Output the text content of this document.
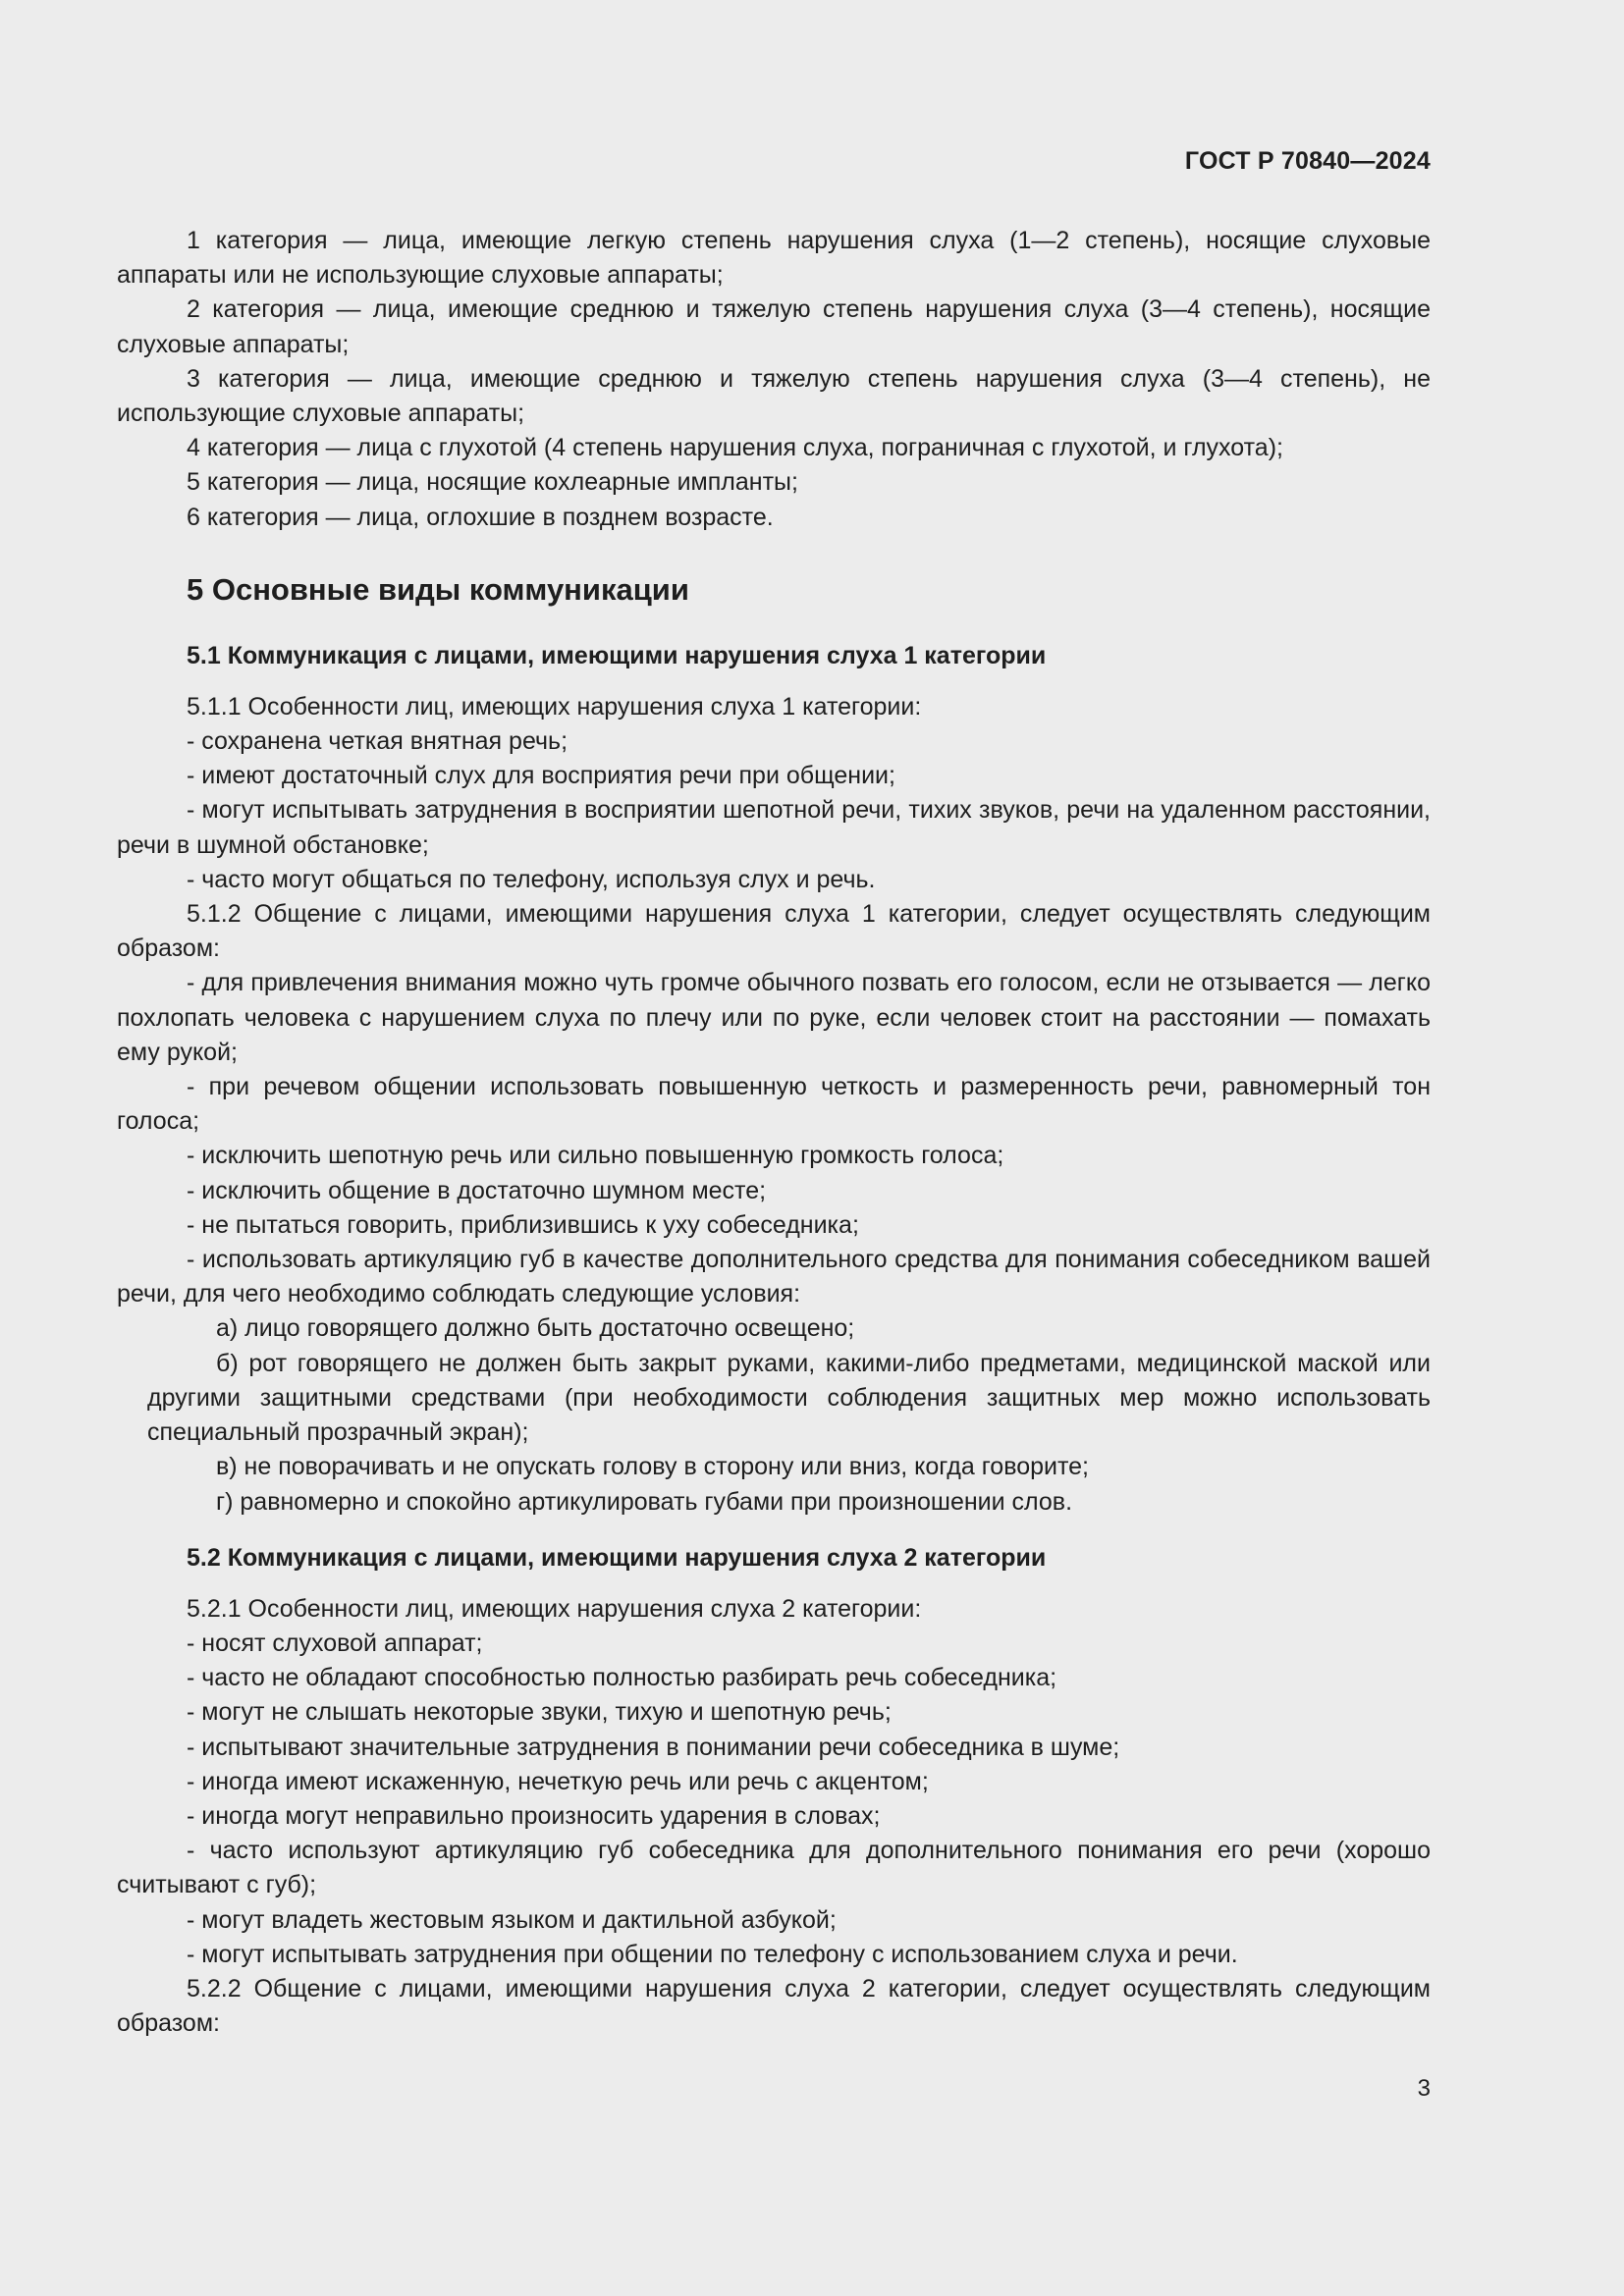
ГОСТ Р 70840—2024

1 категория — лица, имеющие легкую степень нарушения слуха (1—2 степень), носящие слуховые аппараты или не использующие слуховые аппараты;

2 категория — лица, имеющие среднюю и тяжелую степень нарушения слуха (3—4 степень), носящие слуховые аппараты;

3 категория — лица, имеющие среднюю и тяжелую степень нарушения слуха (3—4 степень), не использующие слуховые аппараты;

4 категория — лица с глухотой (4 степень нарушения слуха, пограничная с глухотой, и глухота);

5 категория — лица, носящие кохлеарные импланты;

6 категория — лица, оглохшие в позднем возрасте.

5 Основные виды коммуникации
5.1 Коммуникация с лицами, имеющими нарушения слуха 1 категории

5.1.1 Особенности лиц, имеющих нарушения слуха 1 категории:

- сохранена четкая внятная речь;

- имеют достаточный слух для восприятия речи при общении;

- могут испытывать затруднения в восприятии шепотной речи, тихих звуков, речи на удаленном расстоянии, речи в шумной обстановке;

- часто могут общаться по телефону, используя слух и речь.

5.1.2 Общение с лицами, имеющими нарушения слуха 1 категории, следует осуществлять следующим образом:

- для привлечения внимания можно чуть громче обычного позвать его голосом, если не отзывается — легко похлопать человека с нарушением слуха по плечу или по руке, если человек стоит на расстоянии — помахать ему рукой;

- при речевом общении использовать повышенную четкость и размеренность речи, равномерный тон голоса;

- исключить шепотную речь или сильно повышенную громкость голоса;

- исключить общение в достаточно шумном месте;

- не пытаться говорить, приблизившись к уху собеседника;

- использовать артикуляцию губ в качестве дополнительного средства для понимания собеседником вашей речи, для чего необходимо соблюдать следующие условия:

а) лицо говорящего должно быть достаточно освещено;

б) рот говорящего не должен быть закрыт руками, какими-либо предметами, медицинской маской или другими защитными средствами (при необходимости соблюдения защитных мер можно использовать специальный прозрачный экран);

в) не поворачивать и не опускать голову в сторону или вниз, когда говорите;

г) равномерно и спокойно артикулировать губами при произношении слов.

5.2 Коммуникация с лицами, имеющими нарушения слуха 2 категории

5.2.1 Особенности лиц, имеющих нарушения слуха 2 категории:

- носят слуховой аппарат;

- часто не обладают способностью полностью разбирать речь собеседника;

- могут не слышать некоторые звуки, тихую и шепотную речь;

- испытывают значительные затруднения в понимании речи собеседника в шуме;

- иногда имеют искаженную, нечеткую речь или речь с акцентом;

- иногда могут неправильно произносить ударения в словах;

- часто используют артикуляцию губ собеседника для дополнительного понимания его речи (хорошо считывают с губ);

- могут владеть жестовым языком и дактильной азбукой;

- могут испытывать затруднения при общении по телефону с использованием слуха и речи.

5.2.2 Общение с лицами, имеющими нарушения слуха 2 категории, следует осуществлять следующим образом:

3
